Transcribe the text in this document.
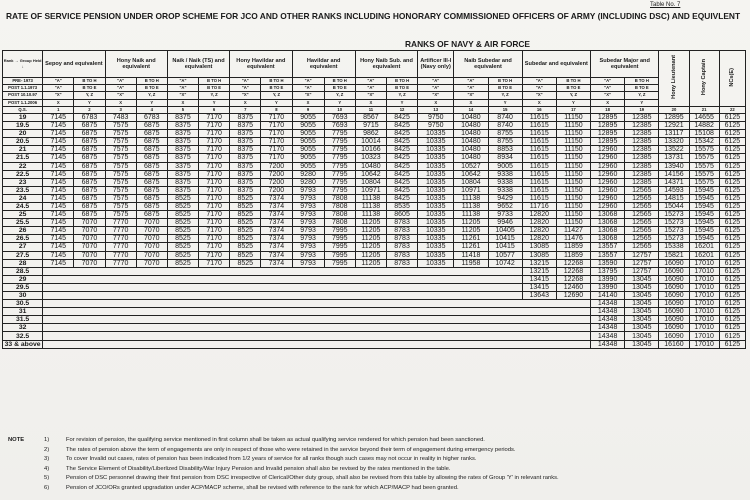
Table No. 7
RATE OF SERVICE PENSION UNDER OROP SCHEME FOR JCO AND OTHER RANKS INCLUDING HONORARY COMMISSIONED OFFICERS OF ARMY (INCLUDING DSC) AND EQUIVLENT
RANKS OF NAVY & AIR FORCE
Rank → Group Held ↓	Sepoy and equivalent		Hony Naik and equivalent		Naik / Naik (TS) and equivalent		Hony Havildar and equivalent		Havildar and equivalent		Hony Naib Sub. and equivalent		Artificer III-I (Navy only)	Naib Subedar and equivalent		Subedar and equivalent		Subedar Major and equivalent		Hony Lieutenant	Hony Captain	NCs(E)
PRE- 1973	"A"	B TO H	"A"	B TO H	"A"	B TO H	"A"	B TO H	"A"	B TO H	"A"	B TO H	"A"	"A"	B TO H	"A"	B TO H	"A"	B TO H			
POST 1.1.1973	"A"	B TO E	"A"	B TO E	"A"	B TO E	"A"	B TO E	"A"	B TO E	"A"	B TO E	"A"	"A"	B TO E	"A"	B TO E	"A"	B TO E			
POST 10.10.97	"X"	Y, Z	"X"	Y, Z	"X"	Y, Z	"X"	Y, Z	"X"	Y, Z	"X"	Y, Z	"X"	"X"	Y, Z	"X"	Y, Z	"X"	Y, Z			
POST 1.1.2006	X	Y	X	Y	X	Y	X	Y	X	Y	X	Y	X	X	Y	X	Y	X	Y			
Q.S.	1	2	3	4	5	6	7	8	9	10	11	12	13	14	15	16	17	18	19	20	21	22
19	7145	6783	7483	6783	8375	7170	8375	7170	9055	7693	8567	8425	9750	10480	8740	11615	11150	12895	12385	12895	14655	6125
19.5	7145	6875	7575	6875	8375	7170	8375	7170	9055	7693	9715	8425	9750	10480	8740	11615	11150	12895	12385	12921	14882	6125
20	7145	6875	7575	6875	8375	7170	8375	7170	9055	7795	9862	8425	10335	10480	8755	11615	11150	12895	12385	13117	15108	6125
20.5	7145	6875	7575	6875	8375	7170	8375	7170	9055	7795	10014	8425	10335	10480	8755	11615	11150	12895	12385	13320	15342	6125
21	7145	6875	7575	6875	8375	7170	8375	7170	9055	7795	10166	8425	10335	10480	8853	11615	11150	12960	12385	13522	15575	6125
21.5	7145	6875	7575	6875	8375	7170	8375	7170	9055	7795	10323	8425	10335	10480	8934	11615	11150	12960	12385	13731	15575	6125
22	7145	6875	7575	6875	3375	7170	8375	7200	9055	7795	10480	8425	10335	10527	9005	11615	11150	12960	12385	13940	15575	6125
22.5	7145	6875	7575	6875	8375	7170	8375	7200	9280	7795	10642	8425	10335	10642	9338	11615	11150	12960	12385	14156	15575	6125
23	7145	6875	7575	6875	8375	7170	8375	7200	9280	7795	10804	8425	10335	10804	9338	11615	11150	12960	12385	14371	15575	6125
23.5	7145	6875	7575	6875	8375	7170	8375	7200	9793	7795	10971	8425	10335	10971	9338	11615	11150	12960	12565	14593	15945	6125
24	7145	6875	7575	6875	8525	7170	8525	7374	9793	7808	11138	8425	10335	11138	9429	11615	11150	12960	12565	14815	15945	6125
24.5	7145	6875	7575	6875	8525	7170	8525	7374	9793	7808	11138	8535	10335	11138	9652	11716	11150	12960	12565	15044	15945	6125
25	7145	6875	7575	6875	8525	7170	8525	7374	9793	7808	11138	8605	10335	11138	9733	12820	11150	13068	12565	15273	15945	6125
25.5	7145	7070	7770	7070	8525	7170	8525	7374	9793	7808	11205	8783	10335	11205	9946	12820	11150	13068	12565	15273	15945	6125
26	7145	7070	7770	7070	8525	7170	8525	7374	9793	7995	11205	8783	10335	11205	10405	12820	11427	13068	12565	15273	15945	6125
26.5	7145	7070	7770	7070	8525	7170	8525	7374	9793	7995	11205	8783	10335	11261	10415	12820	11476	13068	12565	15273	15945	6125
27	7145	7070	7770	7070	8525	7170	8525	7374	9793	7995	11205	8783	10335	11261	10415	13085	11859	13557	12565	15338	16201	6125
27.5	7145	7070	7770	7070	8525	7170	8525	7374	9793	7995	11205	8783	10335	11418	10577	13085	11859	13557	12757	15821	16201	6125
28	7145	7070	7770	7070	8525	7170	8525	7374	9793	7995	11205	8783	10335	11958	10742	13215	12268	13590	12757	16090	17010	6125
28.5																13215	12268	13795	12757	16090	17010	6125
29																13415	12268	13990	13045	16090	17010	6125
29.5																13415	12460	13990	13045	16090	17010	6125
30																13643	12690	14140	13045	16090	17010	6125
30.5																		14348	13045	16090	17010	6125
31																		14348	13045	16090	17010	6125
31.5																		14348	13045	16090	17010	6125
32																		14348	13045	16090	17010	6125
32.5																		14348	13045	16090	17010	6125
33 & above																		14348	13045	16160	17010	6125
NOTE	1)	For revision of pension, the qualifying service mentioned in first column shall be taken as actual qualifying service rendered for which pension had been sanctioned.
2)	The rates of pension above the term of engagements are only in respect of those who were retained in the service beyond their term of engagement during emergency periods.
3)	To cover Invalid out cases, rates of pension has been indicated from 1/2 years of service for all ranks though such cases may not occur in reality in higher ranks.
4)	The Service Element of Disability/Liberlized Disability/War Injury Pension and Invalid pension shall also be revised by the rates mentioned in the table.
5)	Pension of DSC personnel drawing their first pension from DSC irrespective of Clerical/Other duty group, shall also be revised from this table by allowing the rates of Group 'Y' in relevant ranks.
6)	Pension of JCO/ORs granted upgradation under ACP/MACP scheme, shall be revised with reference to the rank for which ACP/MACP had been granted.
